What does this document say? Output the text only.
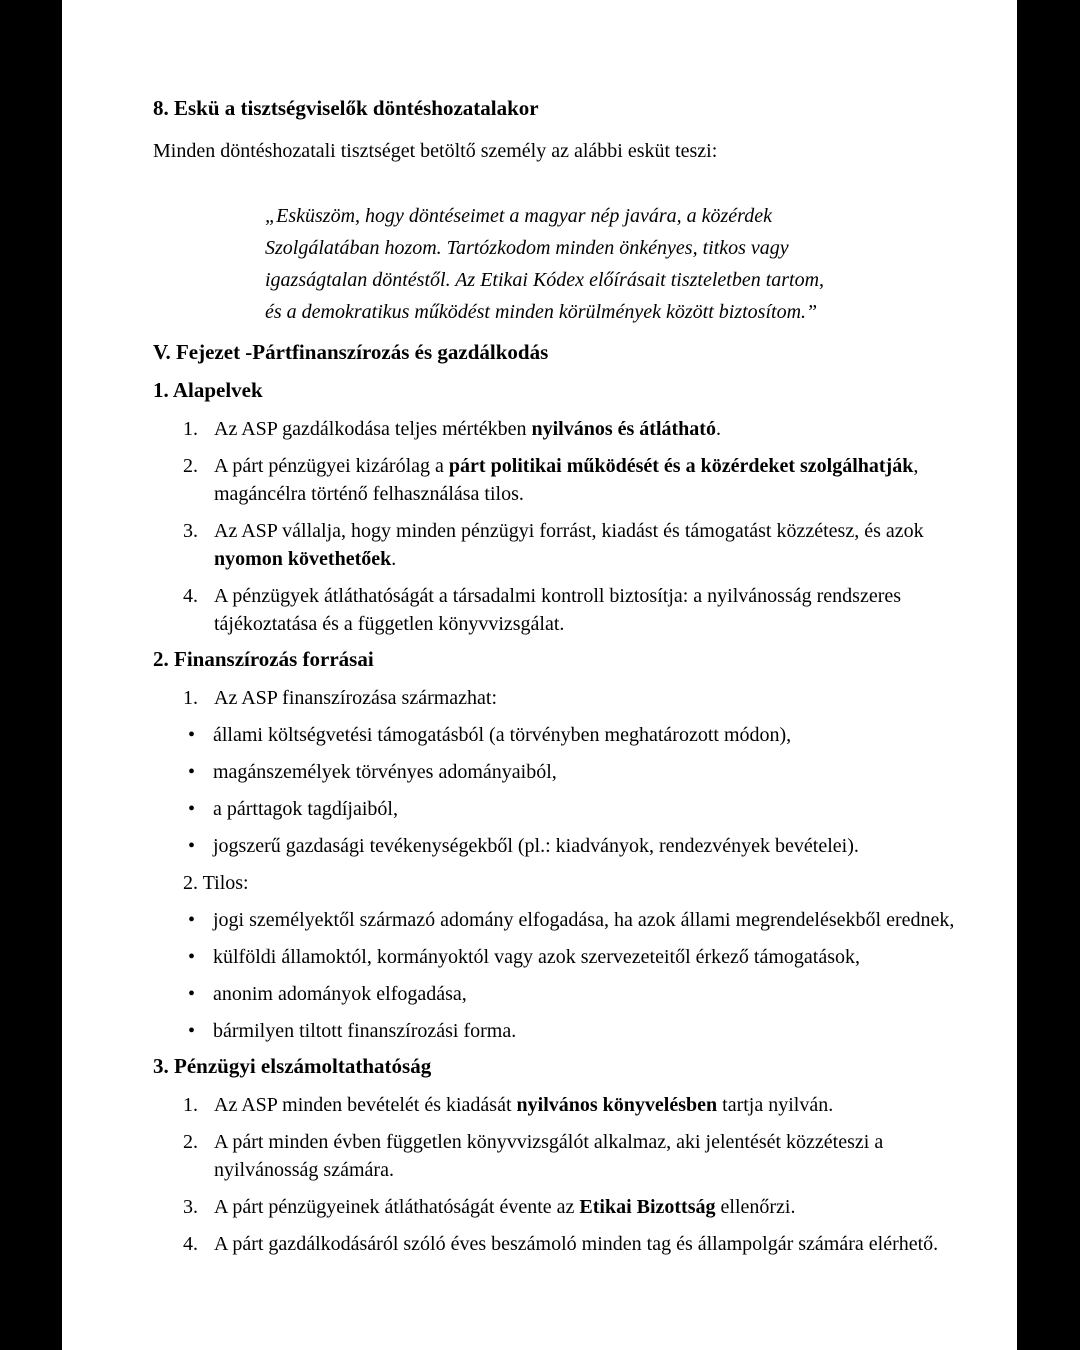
8. Eskü a tisztségviselők döntéshozatalakor

Minden döntéshozatali tisztséget betöltő személy az alábbi esküt teszi:

„Esküszöm, hogy döntéseimet a magyar nép javára, a közérdek
Szolgálatában hozom. Tartózkodom minden önkényes, titkos vagy
igazságtalan döntéstől. Az Etikai Kódex előírásait tiszteletben tartom,
és a demokratikus működést minden körülmények között biztosítom.”

V. Fejezet -Pártfinanszírozás és gazdálkodás

1. Alapelvek

1. Az ASP gazdálkodása teljes mértékben nyilvános és átlátható.
2. A párt pénzügyei kizárólag a párt politikai működését és a közérdeket szolgálhatják, magáncélra történő felhasználása tilos.
3. Az ASP vállalja, hogy minden pénzügyi forrást, kiadást és támogatást közzétesz, és azok nyomon követhetőek.
4. A pénzügyek átláthatóságát a társadalmi kontroll biztosítja: a nyilvánosság rendszeres tájékoztatása és a független könyvvizsgálat.

2. Finanszírozás forrásai

1. Az ASP finanszírozása származhat:
• állami költségvetési támogatásból (a törvényben meghatározott módon),
• magánszemélyek törvényes adományaiból,
• a párttagok tagdíjaiból,
• jogszerű gazdasági tevékenységekből (pl.: kiadványok, rendezvények bevételei).

2. Tilos:

• jogi személyektől származó adomány elfogadása, ha azok állami megrendelésekből erednek,
• külföldi államoktól, kormányoktól vagy azok szervezeteitől érkező támogatások,
• anonim adományok elfogadása,
• bármilyen tiltott finanszírozási forma.

3. Pénzügyi elszámoltathatóság

1. Az ASP minden bevételét és kiadását nyilvános könyvelésben tartja nyilván.
2. A párt minden évben független könyvvizsgálót alkalmaz, aki jelentését közzéteszi a nyilvánosság számára.
3. A párt pénzügyeinek átláthatóságát évente az Etikai Bizottság ellenőrzi.
4. A párt gazdálkodásáról szóló éves beszámoló minden tag és állampolgár számára elérhető.
